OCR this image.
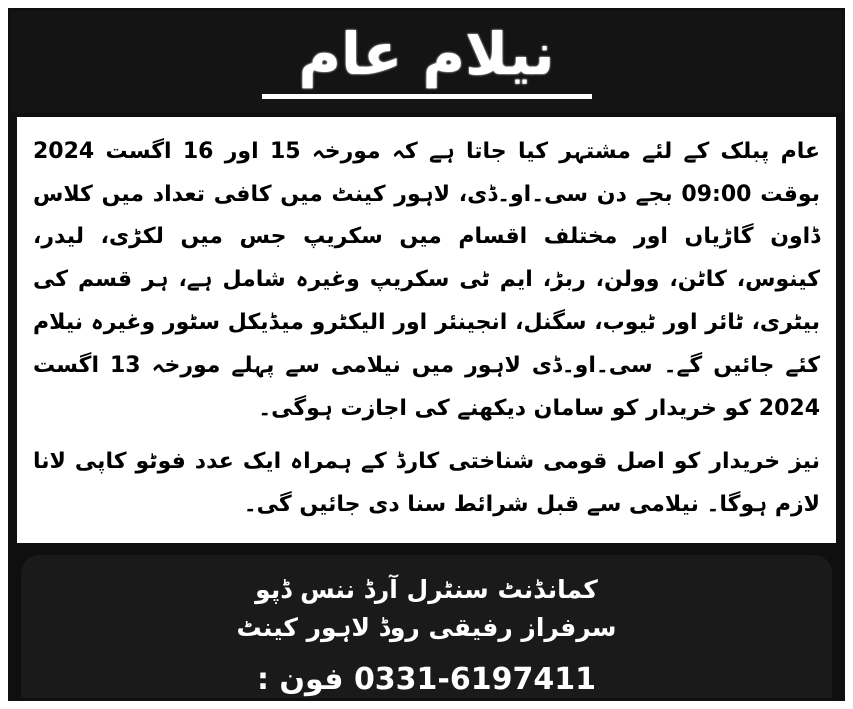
نیلام عام

عام پبلک کے لئے مشتہر کیا جاتا ہے کہ مورخہ 15 اور 16 اگست 2024 بوقت 09:00 بجے دن سی۔او۔ڈی، لاہور کینٹ میں کافی تعداد میں کلاس ڈاون گاڑیاں اور مختلف اقسام میں سکریپ جس میں لکڑی، لیدر، کینوس، کاٹن، وولن، ربڑ، ایم ٹی سکریپ وغیرہ شامل ہے، ہر قسم کی بیٹری، ٹائر اور ٹیوب، سگنل، انجینئر اور الیکٹرو میڈیکل سٹور وغیرہ نیلام کئے جائیں گے۔ سی۔او۔ڈی لاہور میں نیلامی سے پہلے مورخہ 13 اگست 2024 کو خریدار کو سامان دیکھنے کی اجازت ہوگی۔

نیز خریدار کو اصل قومی شناختی کارڈ کے ہمراہ ایک عدد فوٹو کاپی لانا لازم ہوگا۔ نیلامی سے قبل شرائط سنا دی جائیں گی۔

کمانڈنٹ سنٹرل آرڈ ننس ڈپو
سرفراز رفیقی روڈ لاہور کینٹ
0331-6197411 فون :
